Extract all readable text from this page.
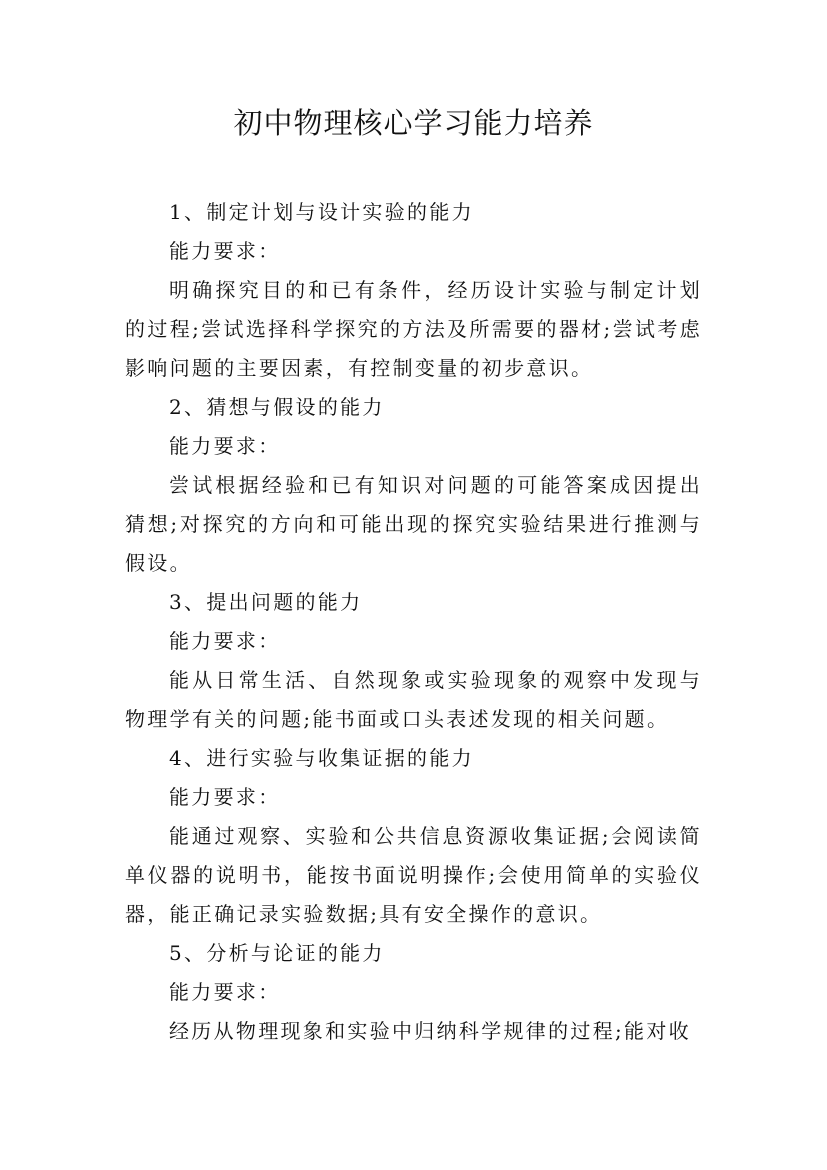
初中物理核心学习能力培养

1、制定计划与设计实验的能力

能力要求：

明确探究目的和已有条件，经历设计实验与制定计划的过程;尝试选择科学探究的方法及所需要的器材;尝试考虑影响问题的主要因素，有控制变量的初步意识。

2、猜想与假设的能力

能力要求：

尝试根据经验和已有知识对问题的可能答案成因提出猜想;对探究的方向和可能出现的探究实验结果进行推测与假设。

3、提出问题的能力

能力要求：

能从日常生活、自然现象或实验现象的观察中发现与物理学有关的问题;能书面或口头表述发现的相关问题。

4、进行实验与收集证据的能力

能力要求：

能通过观察、实验和公共信息资源收集证据;会阅读简单仪器的说明书，能按书面说明操作;会使用简单的实验仪器，能正确记录实验数据;具有安全操作的意识。

5、分析与论证的能力

能力要求：

经历从物理现象和实验中归纳科学规律的过程;能对收
